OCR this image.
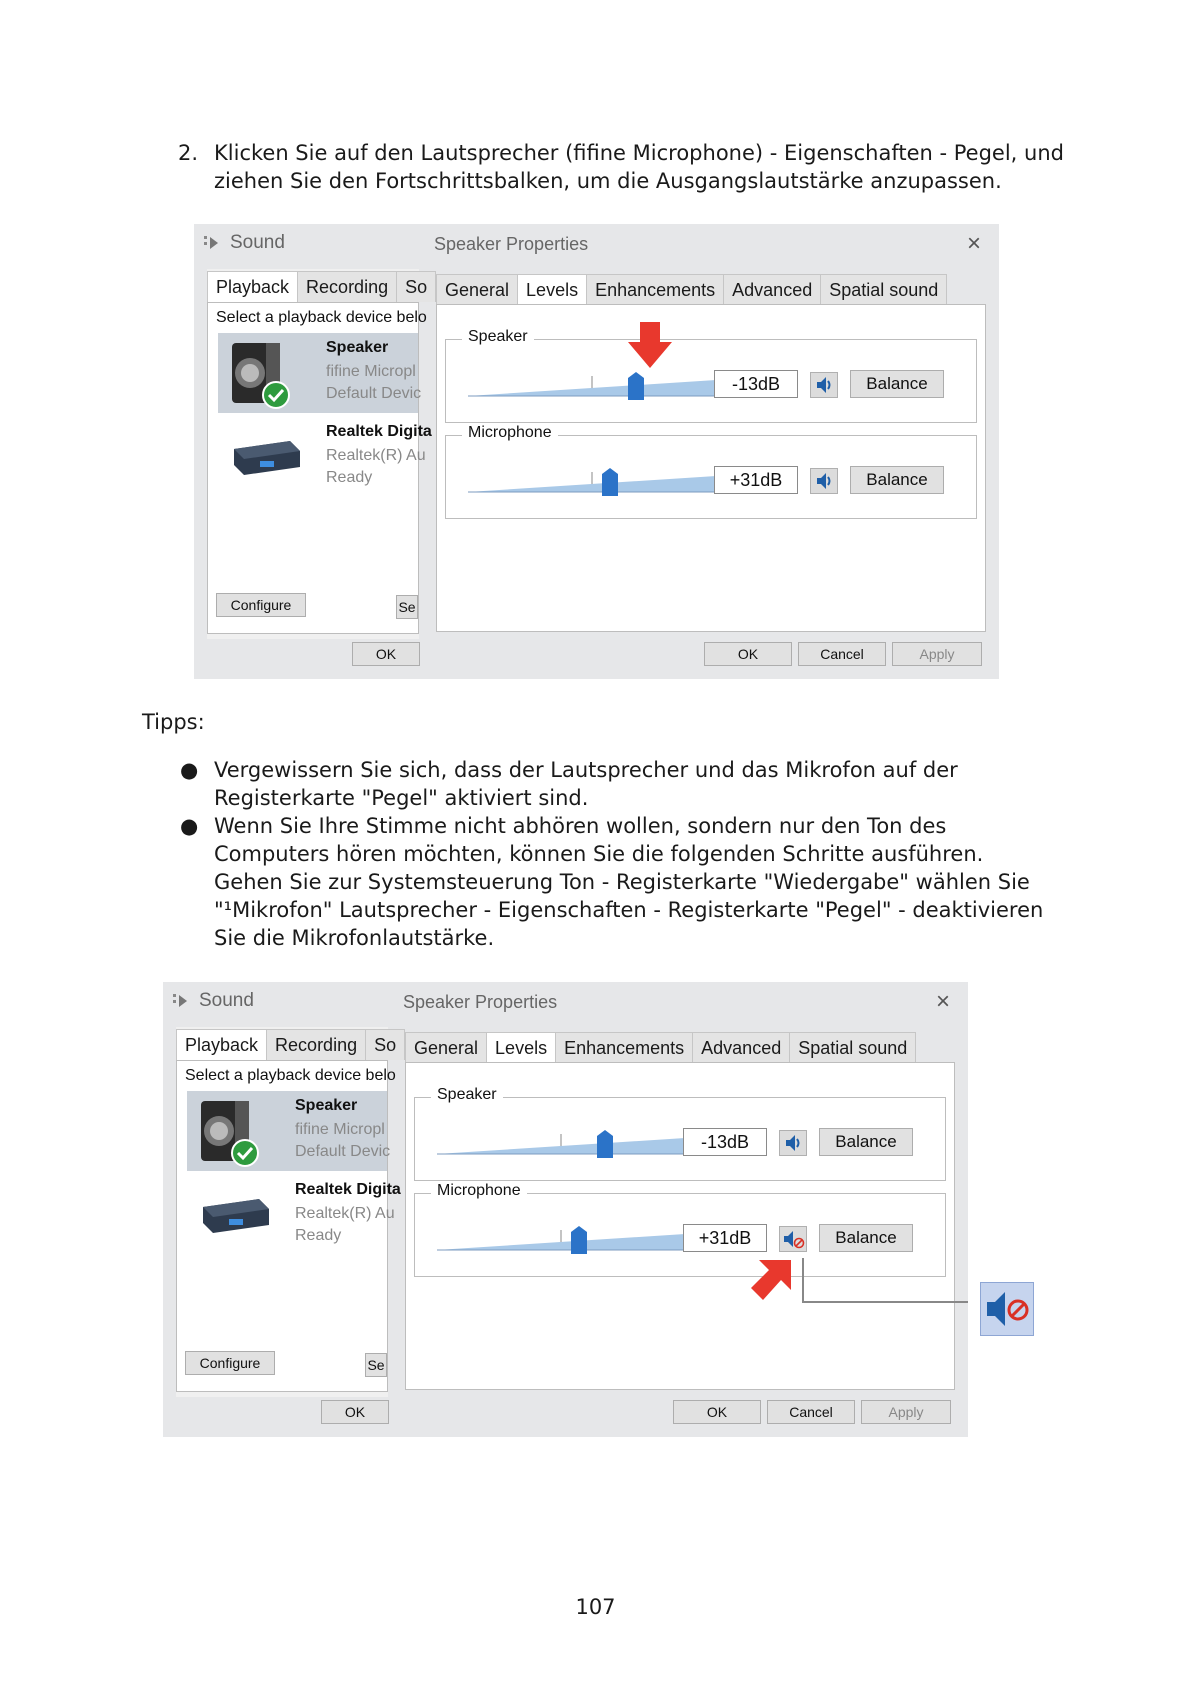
2. Klicken Sie auf den Lautsprecher (fifine Microphone) - Eigenschaften - Pegel, und ziehen Sie den Fortschrittsbalken, um die Ausgangslautstärke anzupassen.
Sound
Playback Recording So
Select a playback device belo
Speaker
fifine Micropl
Default Devic
Realtek Digita
Realtek(R) Au
Ready
Configure	Se
OK
Speaker Properties	×
General Levels Enhancements Advanced Spatial sound
Speaker
-13dB	Balance
Microphone
+31dB	Balance
OK	Cancel	Apply
Tipps:
● Vergewissern Sie sich, dass der Lautsprecher und das Mikrofon auf der Registerkarte "Pegel" aktiviert sind.
● Wenn Sie Ihre Stimme nicht abhören wollen, sondern nur den Ton des Computers hören möchten, können Sie die folgenden Schritte ausführen. Gehen Sie zur Systemsteuerung Ton - Registerkarte "Wiedergabe" wählen Sie "¹Mikrofon" Lautsprecher - Eigenschaften - Registerkarte "Pegel" - deaktivieren Sie die Mikrofonlautstärke.
Sound
Playback Recording So
Select a playback device belo
Speaker
fifine Micropl
Default Devic
Realtek Digita
Realtek(R) Au
Ready
Configure	Se
OK
Speaker Properties	×
General Levels Enhancements Advanced Spatial sound
Speaker
-13dB	Balance
Microphone
+31dB	Balance
OK	Cancel	Apply
107
